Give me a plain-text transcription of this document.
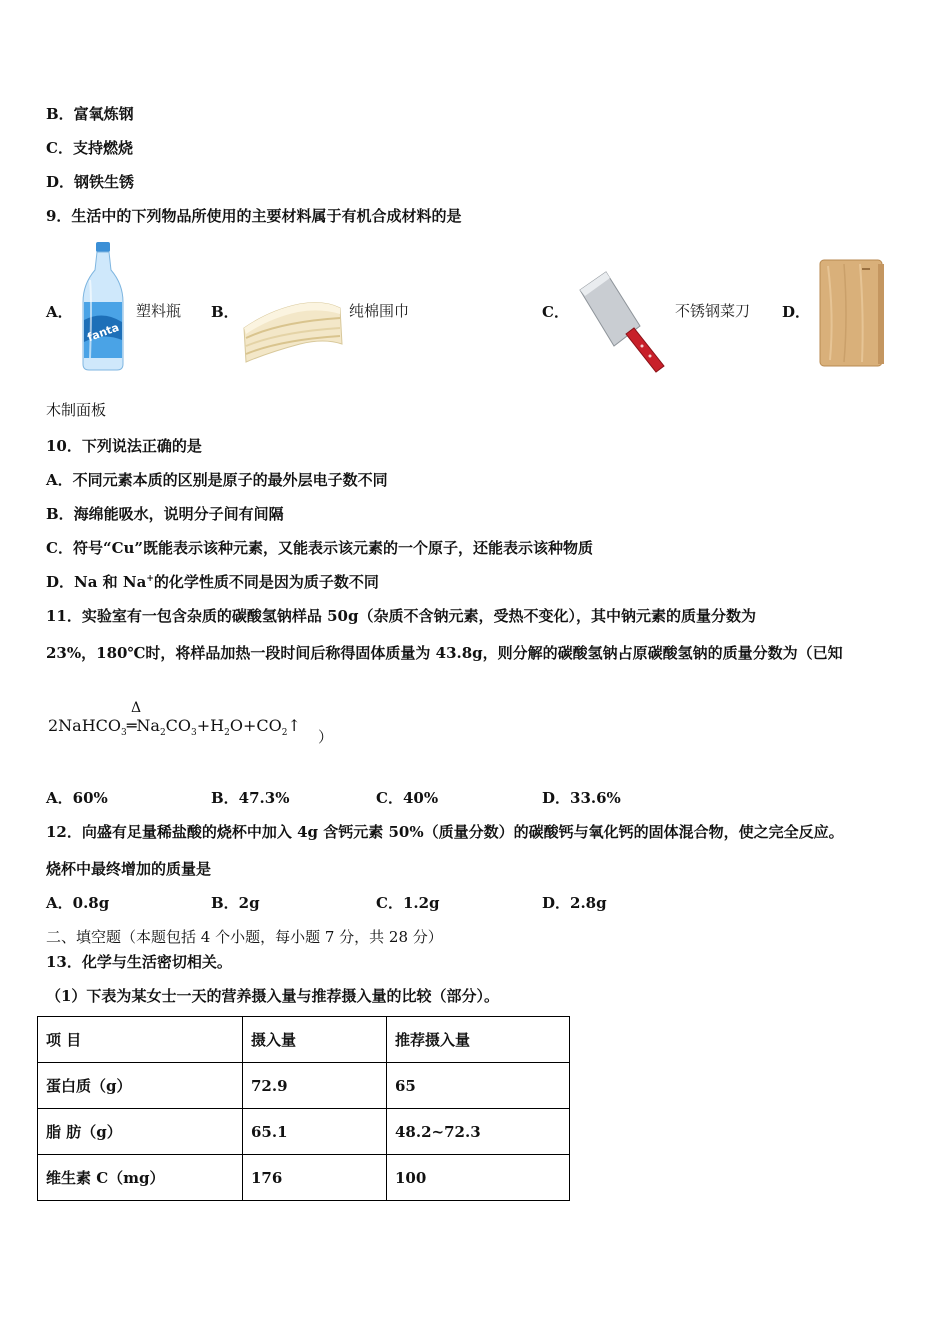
B．富氧炼钢
C．支持燃烧
D．钢铁生锈
9．生活中的下列物品所使用的主要材料属于有机合成材料的是
A．
fanta
塑料瓶 B．	纯棉围巾	C．	不锈钢菜刀 D．
木制面板
10．下列说法正确的是
A．不同元素本质的区别是原子的最外层电子数不同
B．海绵能吸水，说明分子间有间隔
C．符号“Cu”既能表示该种元素，又能表示该元素的一个原子，还能表示该种物质
D．Na 和 Na+的化学性质不同是因为质子数不同
11．实验室有一包含杂质的碳酸氢钠样品 50g（杂质不含钠元素，受热不变化），其中钠元素的质量分数为
23%，180℃时，将样品加热一段时间后称得固体质量为 43.8g，则分解的碳酸氢钠占原碳酸氢钠的质量分数为（已知
Δ
$2NaHCO_3═Na_2CO_3+H_2O+CO_2↑$
）
A．60%	B．47.3%	C．40%	D．33.6%
12．向盛有足量稀盐酸的烧杯中加入 4g 含钙元素 50%（质量分数）的碳酸钙与氧化钙的固体混合物，使之完全反应。
烧杯中最终增加的质量是
A．0.8g	B．2g	C．1.2g	D．2.8g
二、填空题（本题包括 4 个小题，每小题 7 分，共 28 分）
13．化学与生活密切相关。
（1）下表为某女士一天的营养摄入量与推荐摄入量的比较（部分）。
项 目	摄入量	推荐摄入量
蛋白质（g）	72.9	65
脂 肪（g）	65.1	48.2~72.3
维生素 C（mg）	176	100
